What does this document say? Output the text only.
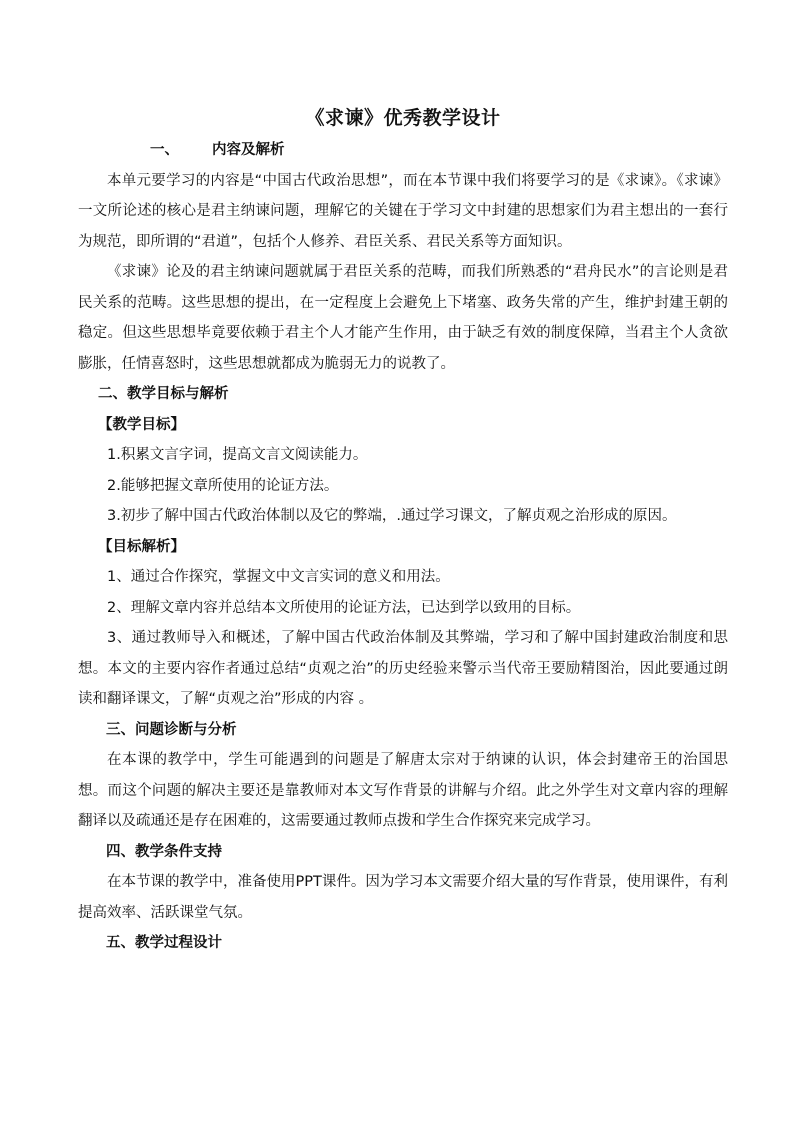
《求谏》优秀教学设计
一、 内容及解析

本单元要学习的内容是“中国古代政治思想”，而在本节课中我们将要学习的是《求谏》。《求谏》一文所论述的核心是君主纳谏问题，理解它的关键在于学习文中封建的思想家们为君主想出的一套行为规范，即所谓的“君道”，包括个人修养、君臣关系、君民关系等方面知识。

《求谏》论及的君主纳谏问题就属于君臣关系的范畴，而我们所熟悉的“君舟民水”的言论则是君民关系的范畴。这些思想的提出，在一定程度上会避免上下堵塞、政务失常的产生，维护封建王朝的稳定。但这些思想毕竟要依赖于君主个人才能产生作用，由于缺乏有效的制度保障，当君主个人贪欲膨胀，任情喜怒时，这些思想就都成为脆弱无力的说教了。

二、教学目标与解析
【教学目标】

1.积累文言字词，提高文言文阅读能力。

2.能够把握文章所使用的论证方法。

3.初步了解中国古代政治体制以及它的弊端，.通过学习课文，了解贞观之治形成的原因。

【目标解析】

1、通过合作探究，掌握文中文言实词的意义和用法。

2、理解文章内容并总结本文所使用的论证方法，已达到学以致用的目标。

3、通过教师导入和概述，了解中国古代政治体制及其弊端，学习和了解中国封建政治制度和思想。本文的主要内容作者通过总结“贞观之治”的历史经验来警示当代帝王要励精图治，因此要通过朗读和翻译课文，了解“贞观之治”形成的内容 。

三、问题诊断与分析

在本课的教学中，学生可能遇到的问题是了解唐太宗对于纳谏的认识，体会封建帝王的治国思想。而这个问题的解决主要还是靠教师对本文写作背景的讲解与介绍。此之外学生对文章内容的理解翻译以及疏通还是存在困难的，这需要通过教师点拨和学生合作探究来完成学习。

四、教学条件支持

在本节课的教学中，准备使用PPT课件。因为学习本文需要介绍大量的写作背景，使用课件，有利提高效率、活跃课堂气氛。

五、教学过程设计
